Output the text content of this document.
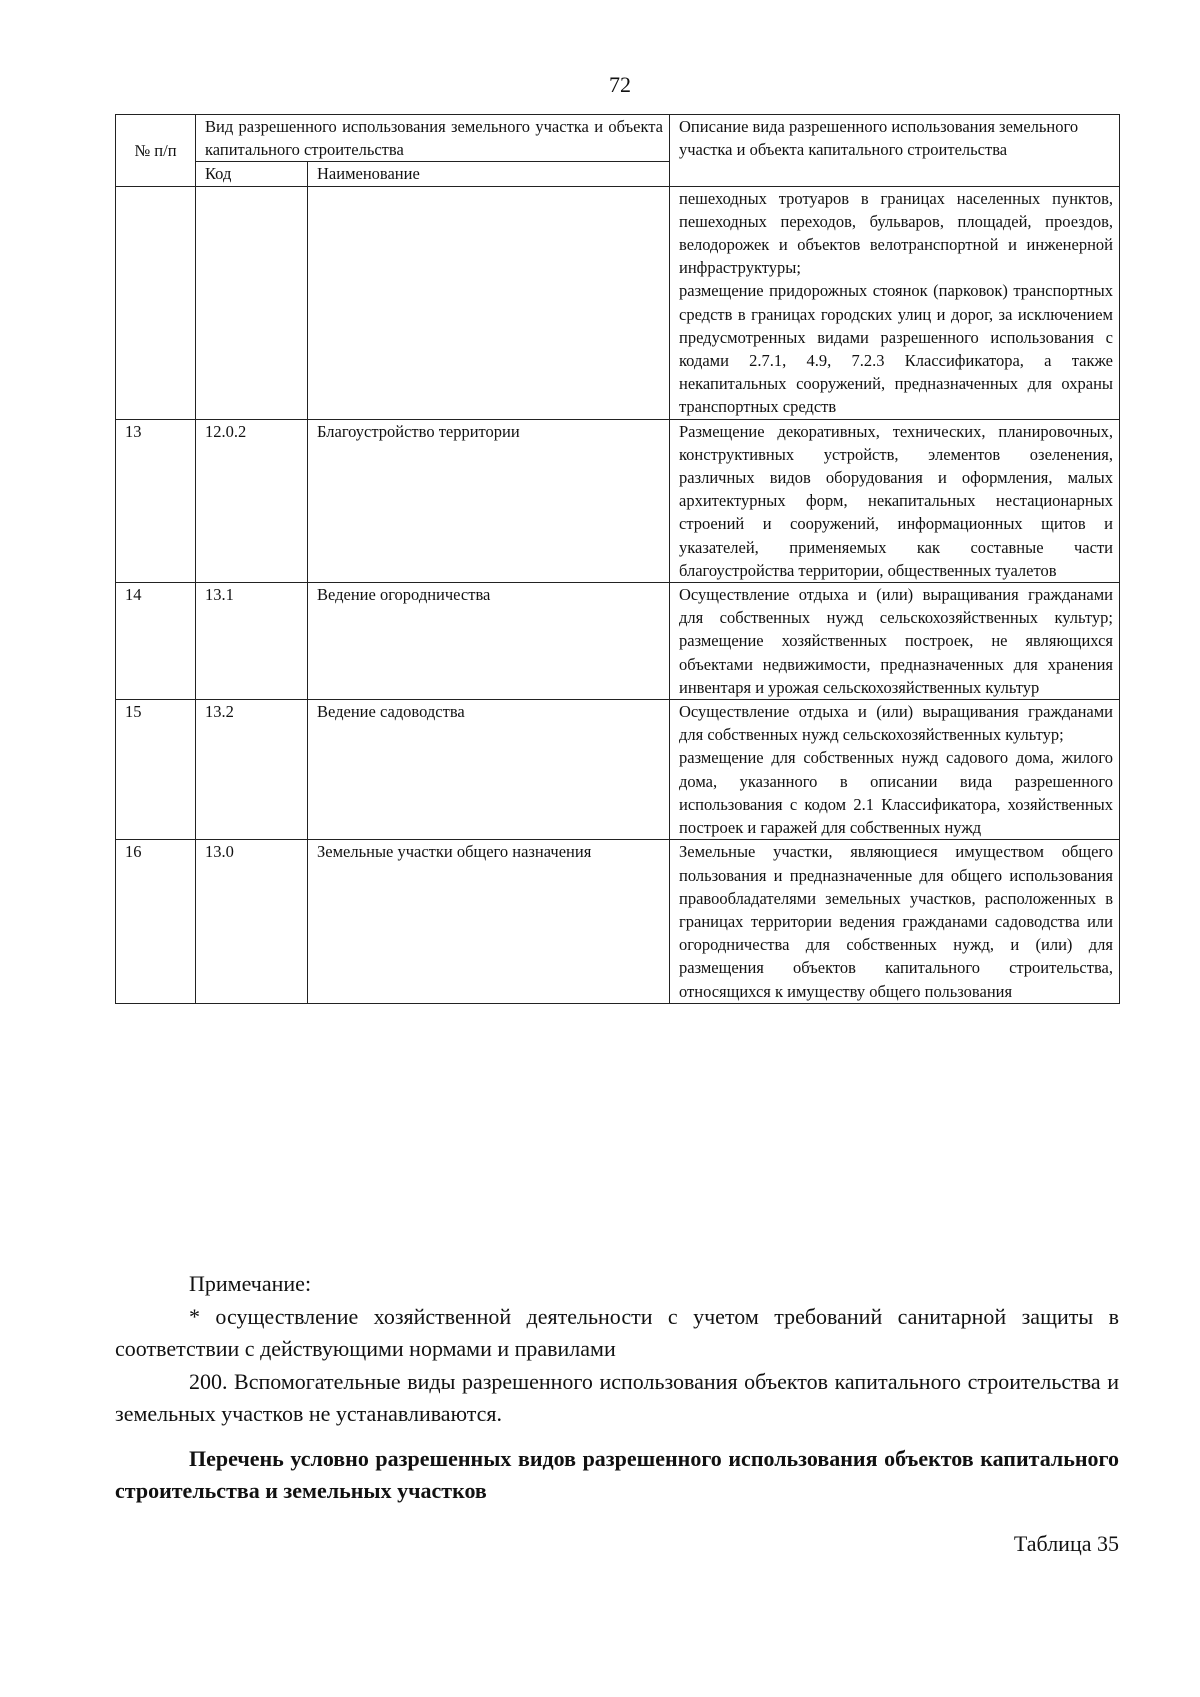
72
№ п/п	Вид разрешенного использования земельного участка и объекта капитального строительства		Описание вида разрешенного использования земельного участка и объекта капитального строительства
	Код	Наименование	

			пешеходных тротуаров в границах населенных пунктов, пешеходных переходов, бульваров, площадей, проездов, велодорожек и объектов велотранспортной и инженерной инфраструктуры;

размещение придорожных стоянок (парковок) транспортных средств в границах городских улиц и дорог, за исключением предусмотренных видами разрешенного использования с кодами 2.7.1, 4.9, 7.2.3 Классификатора, а также некапитальных сооружений, предназначенных для охраны транспортных средств

13	12.0.2	Благоустройство территории	Размещение декоративных, технических, планировочных, конструктивных устройств, элементов озеленения, различных видов оборудования и оформления, малых архитектурных форм, некапитальных нестационарных строений и сооружений, информационных щитов и указателей, применяемых как составные части благоустройства территории, общественных туалетов

14	13.1	Ведение огородничества	Осуществление отдыха и (или) выращивания гражданами для собственных нужд сельскохозяйственных культур; размещение хозяйственных построек, не являющихся объектами недвижимости, предназначенных для хранения инвентаря и урожая сельскохозяйственных культур

15	13.2	Ведение садоводства	Осуществление отдыха и (или) выращивания гражданами для собственных нужд сельскохозяйственных культур;

размещение для собственных нужд садового дома, жилого дома, указанного в описании вида разрешенного использования с кодом 2.1 Классификатора, хозяйственных построек и гаражей для собственных нужд

16	13.0	Земельные участки общего назначения	Земельные участки, являющиеся имуществом общего пользования и предназначенные для общего использования правообладателями земельных участков, расположенных в границах территории ведения гражданами садоводства или огородничества для собственных нужд, и (или) для размещения объектов капитального строительства, относящихся к имуществу общего пользования

Примечание:

* осуществление хозяйственной деятельности с учетом требований санитарной защиты в соответствии с действующими нормами и правилами

200. Вспомогательные виды разрешенного использования объектов капитального строительства и земельных участков не устанавливаются.

Перечень условно разрешенных видов разрешенного использования объектов капитального строительства и земельных участков

Таблица 35
